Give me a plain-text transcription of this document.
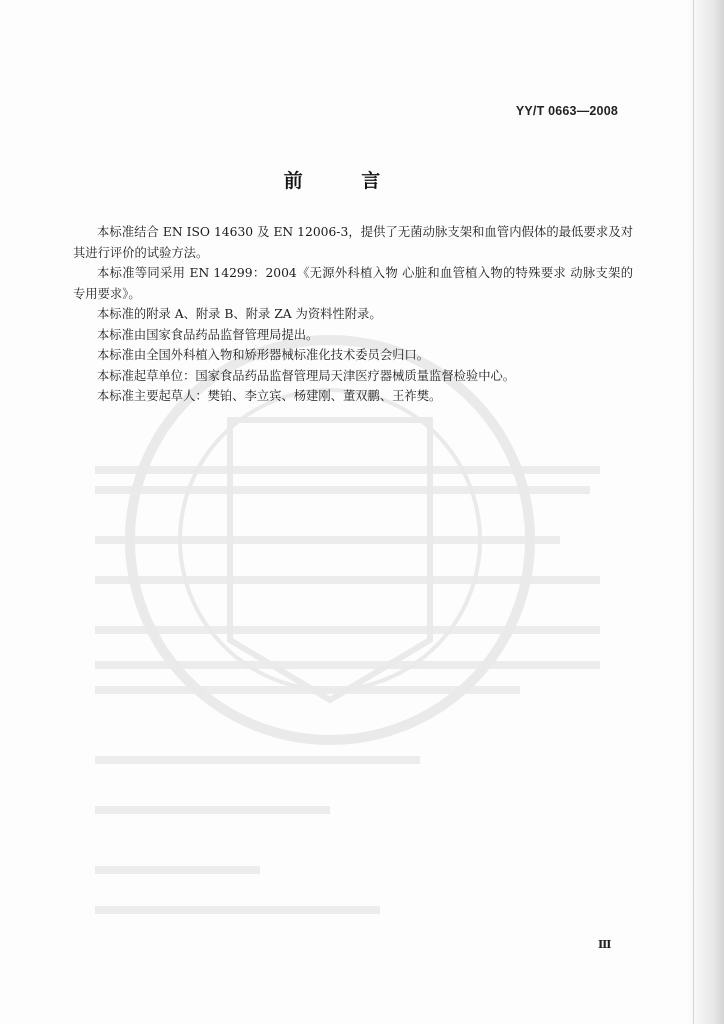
YY/T 0663—2008
前 言

本标准结合 EN ISO 14630 及 EN 12006-3，提供了无菌动脉支架和血管内假体的最低要求及对其进行评价的试验方法。

本标准等同采用 EN 14299：2004《无源外科植入物 心脏和血管植入物的特殊要求 动脉支架的专用要求》。

本标准的附录 A、附录 B、附录 ZA 为资料性附录。

本标准由国家食品药品监督管理局提出。

本标准由全国外科植入物和矫形器械标准化技术委员会归口。

本标准起草单位：国家食品药品监督管理局天津医疗器械质量监督检验中心。

本标准主要起草人：樊铂、李立宾、杨建刚、董双鹏、王祚樊。

Ⅲ
